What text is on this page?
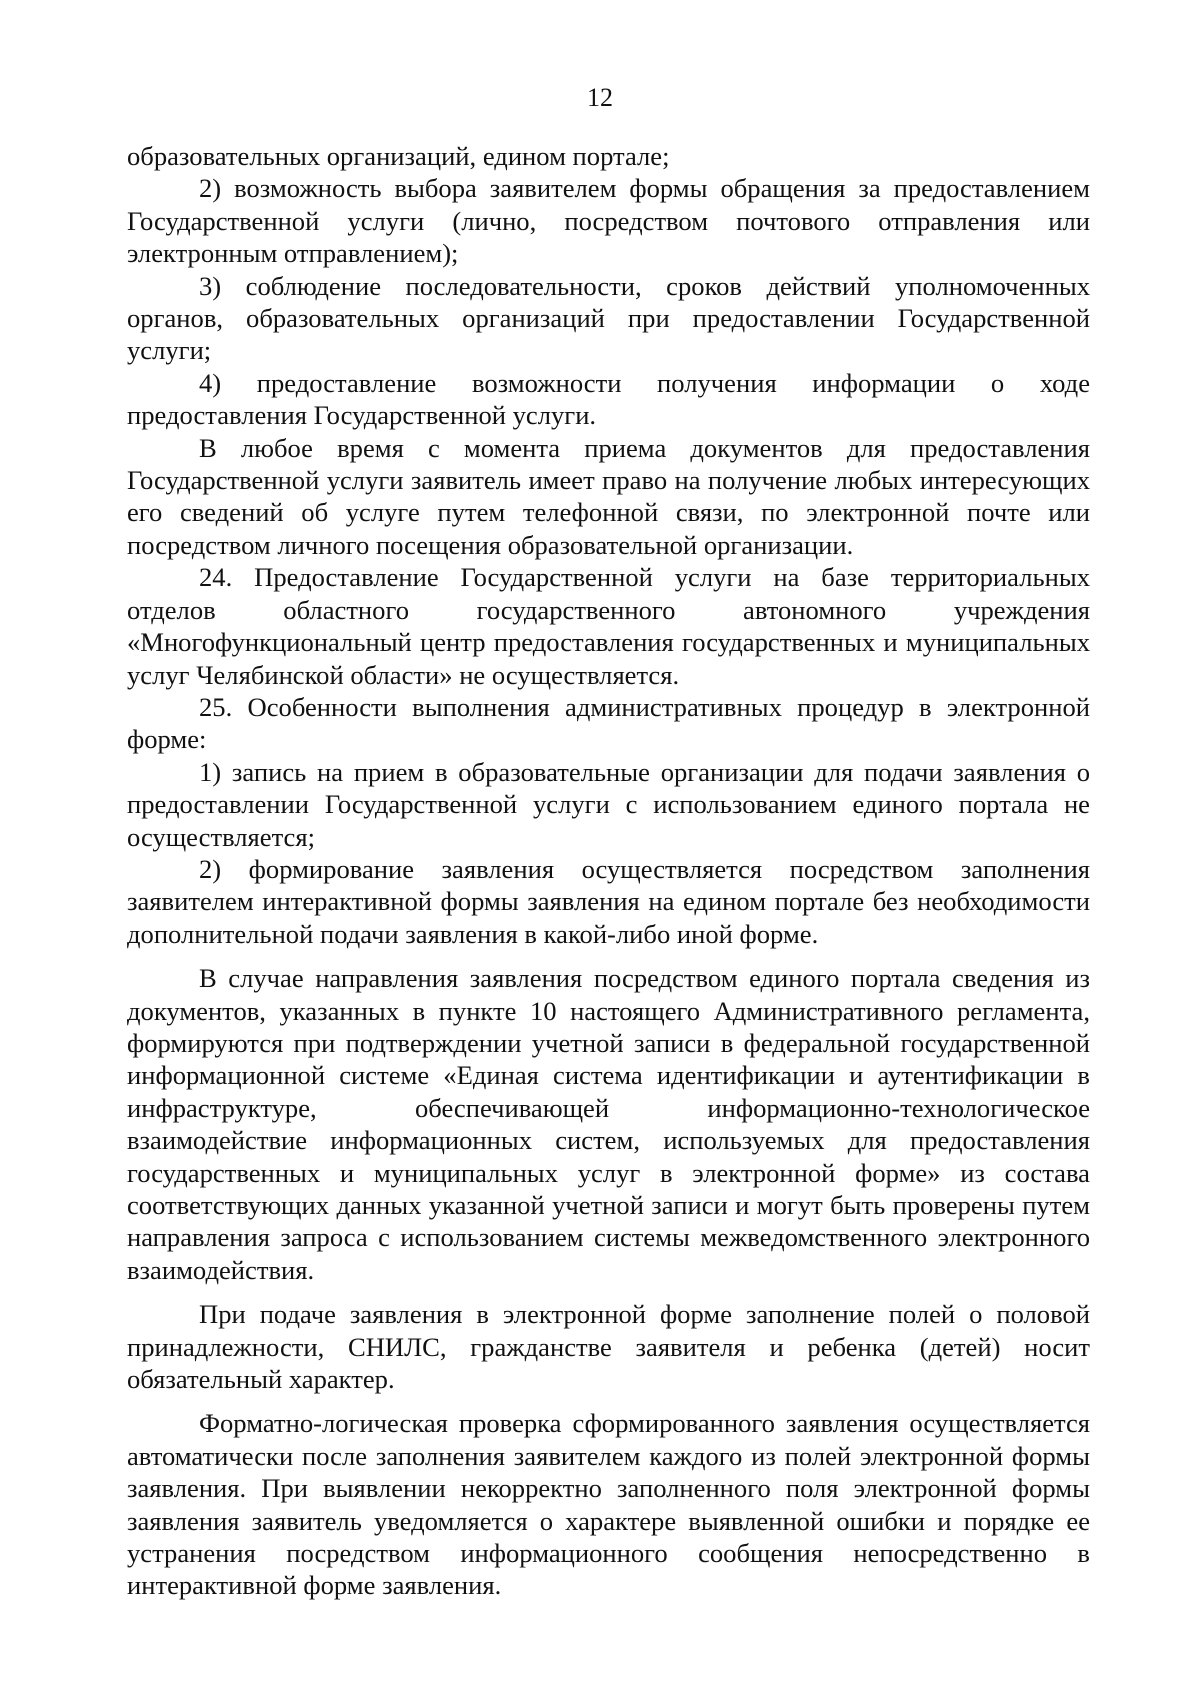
12

образовательных организаций, едином портале;

2) возможность выбора заявителем формы обращения за предоставлением Государственной услуги (лично, посредством почтового отправления или электронным отправлением);

3) соблюдение последовательности, сроков действий уполномоченных органов, образовательных организаций при предоставлении Государственной услуги;

4) предоставление возможности получения информации о ходе предоставления Государственной услуги.

В любое время с момента приема документов для предоставления Государственной услуги заявитель имеет право на получение любых интересующих его сведений об услуге путем телефонной связи, по электронной почте или посредством личного посещения образовательной организации.

24. Предоставление Государственной услуги на базе территориальных отделов областного государственного автономного учреждения «Многофункциональный центр предоставления государственных и муниципальных услуг Челябинской области» не осуществляется.

25. Особенности выполнения административных процедур в электронной форме:

1) запись на прием в образовательные организации для подачи заявления о предоставлении Государственной услуги с использованием единого портала не осуществляется;

2) формирование заявления осуществляется посредством заполнения заявителем интерактивной формы заявления на едином портале без необходимости дополнительной подачи заявления в какой-либо иной форме.

В случае направления заявления посредством единого портала сведения из документов, указанных в пункте 10 настоящего Административного регламента, формируются при подтверждении учетной записи в федеральной государственной информационной системе «Единая система идентификации и аутентификации в инфраструктуре, обеспечивающей информационно-технологическое взаимодействие информационных систем, используемых для предоставления государственных и муниципальных услуг в электронной форме» из состава соответствующих данных указанной учетной записи и могут быть проверены путем направления запроса с использованием системы межведомственного электронного взаимодействия.

При подаче заявления в электронной форме заполнение полей о половой принадлежности, СНИЛС, гражданстве заявителя и ребенка (детей) носит обязательный характер.

Форматно-логическая проверка сформированного заявления осуществляется автоматически после заполнения заявителем каждого из полей электронной формы заявления. При выявлении некорректно заполненного поля электронной формы заявления заявитель уведомляется о характере выявленной ошибки и порядке ее устранения посредством информационного сообщения непосредственно в интерактивной форме заявления.
